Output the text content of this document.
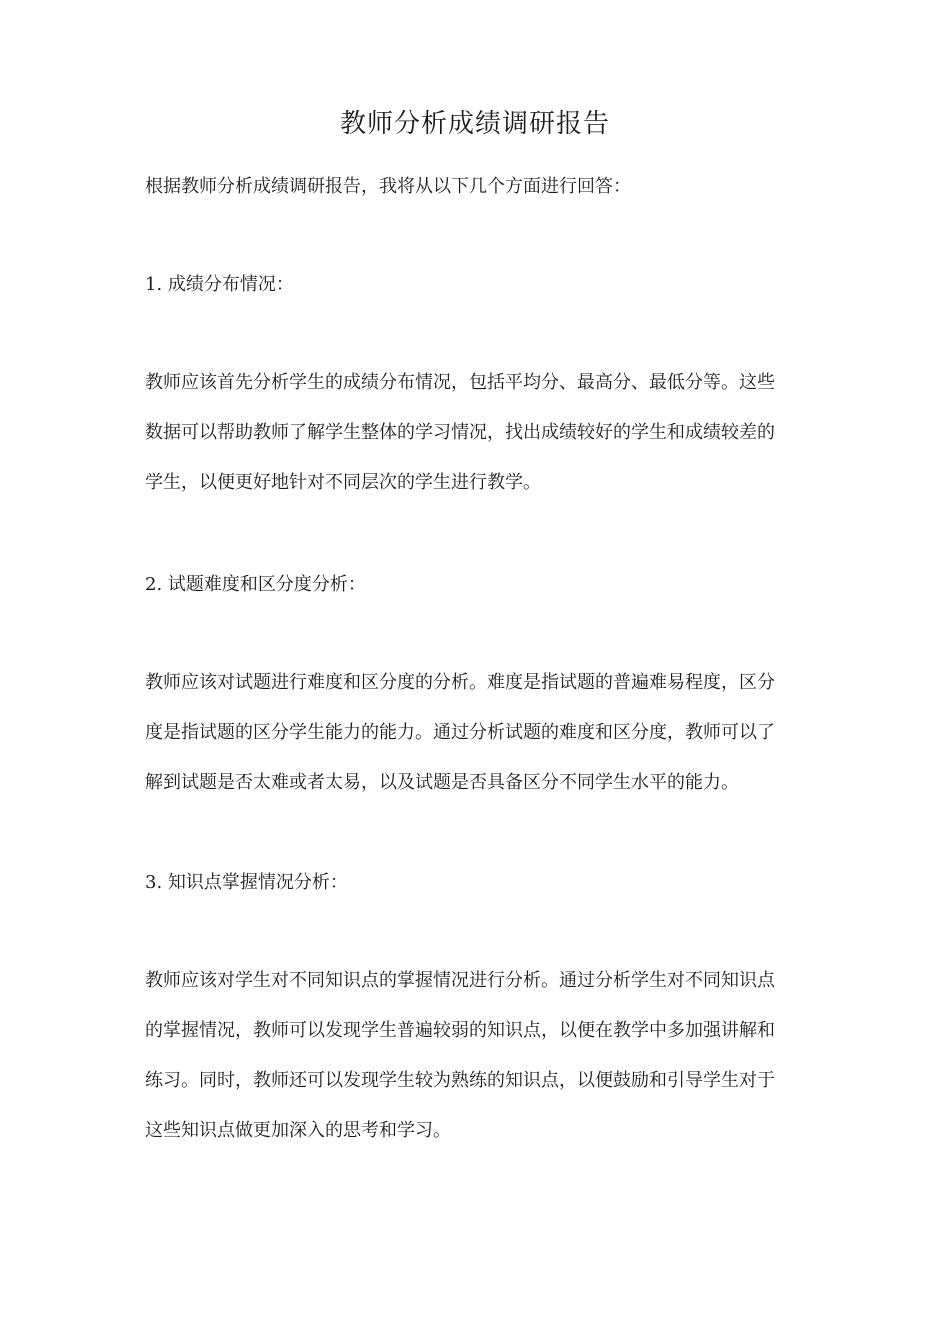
教师分析成绩调研报告
根据教师分析成绩调研报告，我将从以下几个方面进行回答：
1. 成绩分布情况：
教师应该首先分析学生的成绩分布情况，包括平均分、最高分、最低分等。这些
数据可以帮助教师了解学生整体的学习情况，找出成绩较好的学生和成绩较差的
学生，以便更好地针对不同层次的学生进行教学。
2. 试题难度和区分度分析：
教师应该对试题进行难度和区分度的分析。难度是指试题的普遍难易程度，区分
度是指试题的区分学生能力的能力。通过分析试题的难度和区分度，教师可以了
解到试题是否太难或者太易，以及试题是否具备区分不同学生水平的能力。
3. 知识点掌握情况分析：
教师应该对学生对不同知识点的掌握情况进行分析。通过分析学生对不同知识点
的掌握情况，教师可以发现学生普遍较弱的知识点，以便在教学中多加强讲解和
练习。同时，教师还可以发现学生较为熟练的知识点，以便鼓励和引导学生对于
这些知识点做更加深入的思考和学习。
